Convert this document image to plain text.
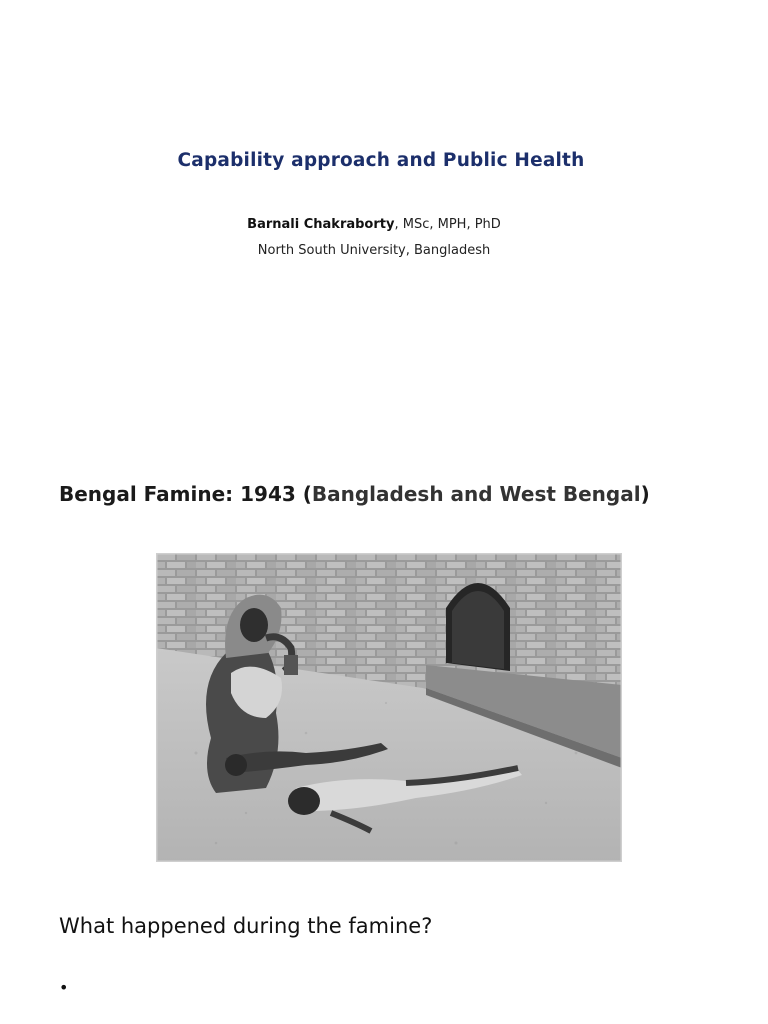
Capability approach and Public Health
Barnali Chakraborty, MSc, MPH, PhD
North South University, Bangladesh
Bengal Famine: 1943 (Bangladesh and West Bengal)
What happened during the famine?
•
